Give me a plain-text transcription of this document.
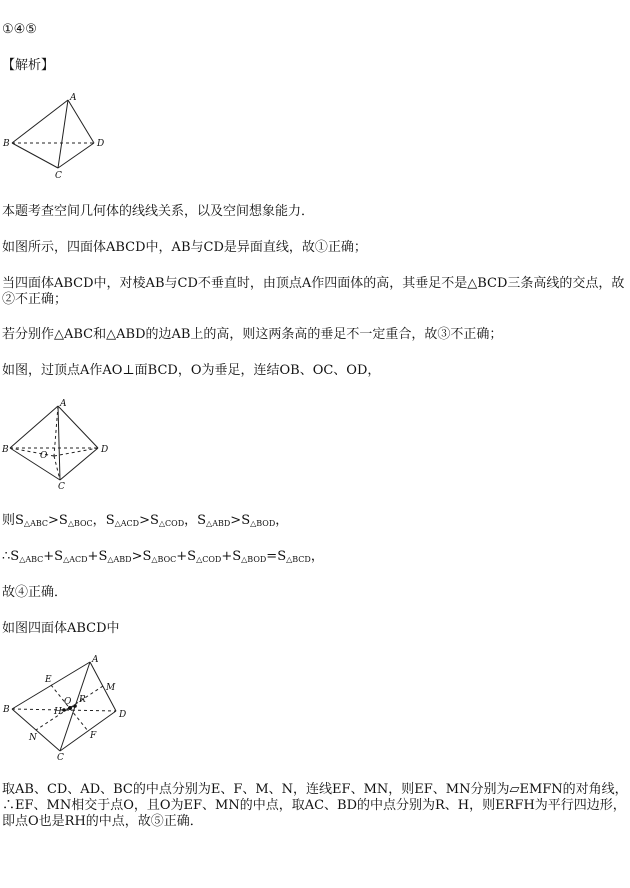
①④⑤
【解析】
A
B
C
D
本题考查空间几何体的线线关系，以及空间想象能力．
如图所示，四面体ABCD中，AB与CD是异面直线，故①正确；
当四面体ABCD中，对棱AB与CD不垂直时，由顶点A作四面体的高，其垂足不是△BCD三条高线的交点，故②不正确；
若分别作△ABC和△ABD的边AB上的高，则这两条高的垂足不一定重合，故③不正确；
如图，过顶点A作AO⊥面BCD，O为垂足，连结OB、OC、OD，
A
B
C
D
O
则$S_{\triangle ABC}>S_{\triangle BOC}$，$S_{\triangle ACD}>S_{\triangle COD}$，$S_{\triangle ABD}>S_{\triangle BOD}$，
$\therefore S_{\triangle ABC}+S_{\triangle ACD}+S_{\triangle ABD}>S_{\triangle BOC}+S_{\triangle COD}+S_{\triangle BOD}=S_{\triangle BCD}$，
故④正确．
如图四面体ABCD中
A
B
C
D
E
F
M
N
O R
H
取AB、CD、AD、BC的中点分别为E、F、M、N，连线EF、MN，则EF、MN分别为▱EMFN的对角线，∴EF、MN相交于点O，且O为EF、MN的中点，取AC、BD的中点分别为R、H，则ERFH为平行四边形，即点O也是RH的中点，故⑤正确．
